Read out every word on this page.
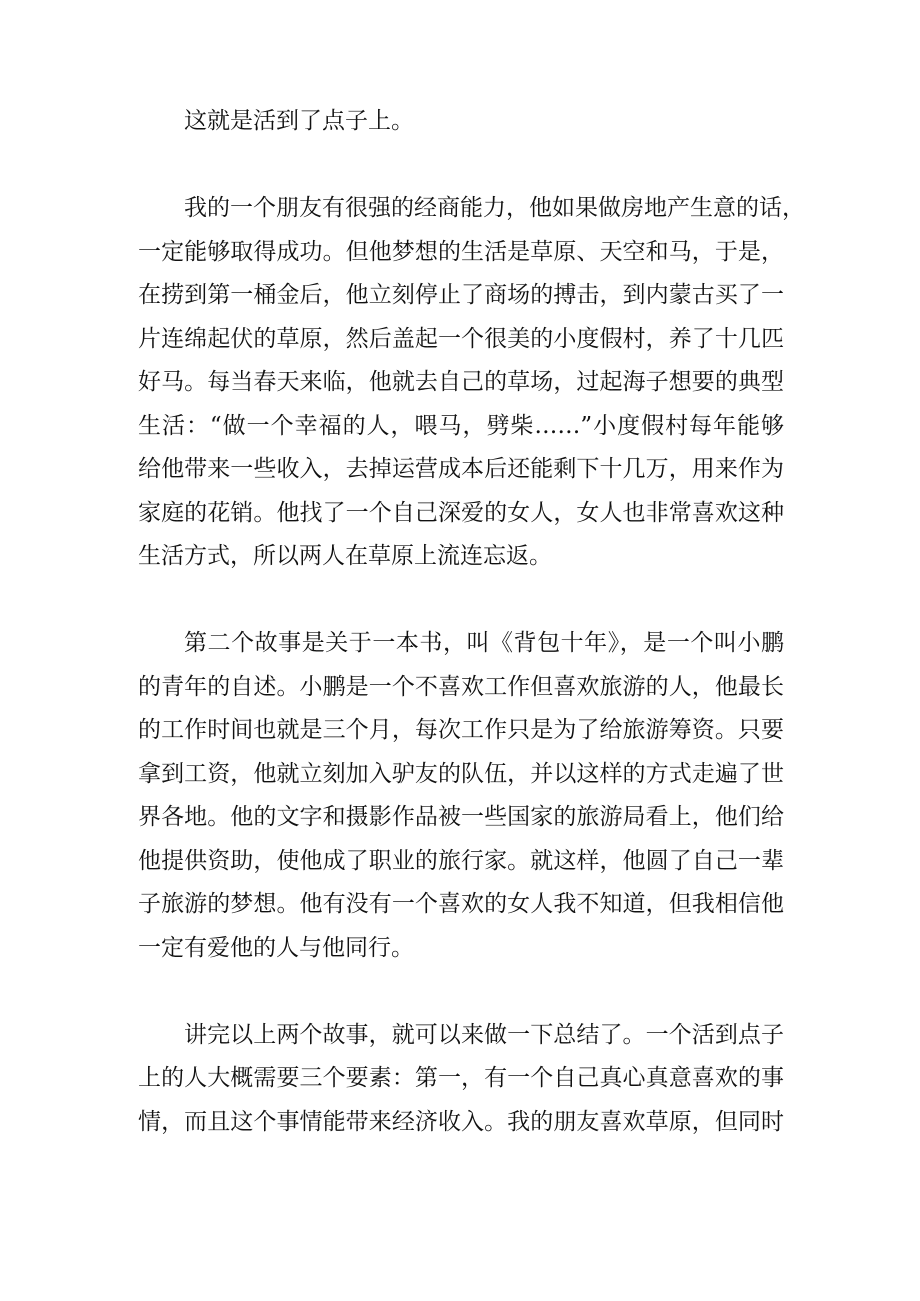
这就是活到了点子上。
我的一个朋友有很强的经商能力，他如果做房地产生意的话，
一定能够取得成功。但他梦想的生活是草原、天空和马，于是，
在捞到第一桶金后，他立刻停止了商场的搏击，到内蒙古买了一
片连绵起伏的草原，然后盖起一个很美的小度假村，养了十几匹
好马。每当春天来临，他就去自己的草场，过起海子想要的典型
生活：“做一个幸福的人，喂马，劈柴……”小度假村每年能够
给他带来一些收入，去掉运营成本后还能剩下十几万，用来作为
家庭的花销。他找了一个自己深爱的女人，女人也非常喜欢这种
生活方式，所以两人在草原上流连忘返。
第二个故事是关于一本书，叫《背包十年》，是一个叫小鹏
的青年的自述。小鹏是一个不喜欢工作但喜欢旅游的人，他最长
的工作时间也就是三个月，每次工作只是为了给旅游筹资。只要
拿到工资，他就立刻加入驴友的队伍，并以这样的方式走遍了世
界各地。他的文字和摄影作品被一些国家的旅游局看上，他们给
他提供资助，使他成了职业的旅行家。就这样，他圆了自己一辈
子旅游的梦想。他有没有一个喜欢的女人我不知道，但我相信他
一定有爱他的人与他同行。
讲完以上两个故事，就可以来做一下总结了。一个活到点子
上的人大概需要三个要素：第一，有一个自己真心真意喜欢的事
情，而且这个事情能带来经济收入。我的朋友喜欢草原，但同时
